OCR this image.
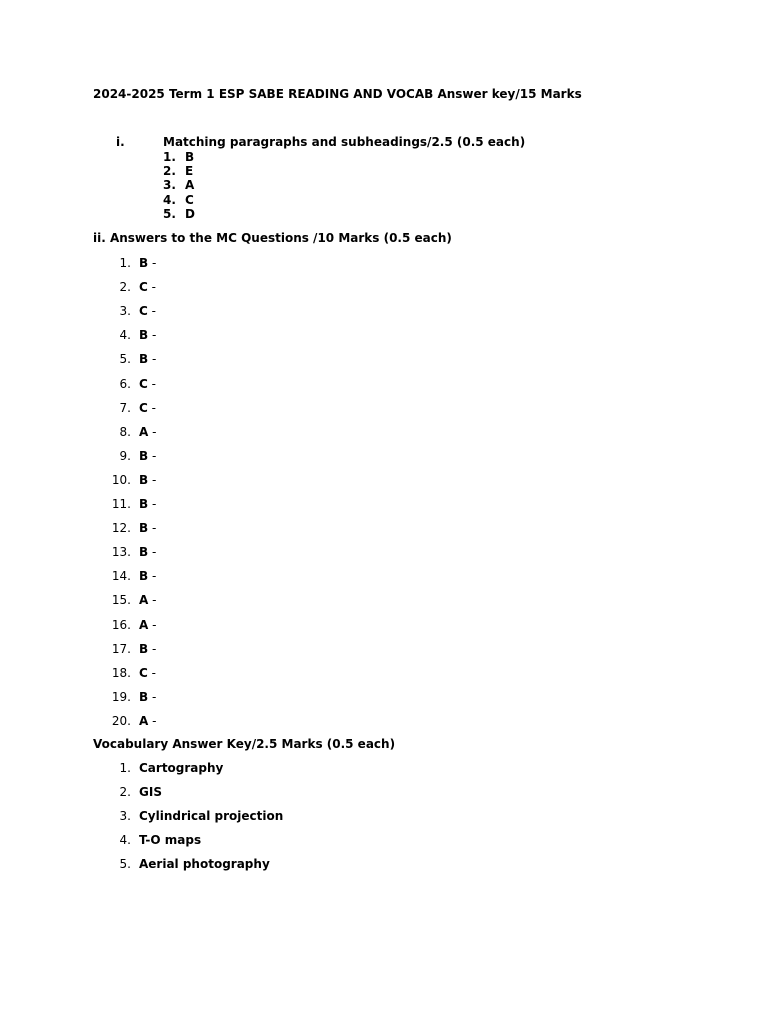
2024-2025 Term 1 ESP SABE READING AND VOCAB Answer key/15 Marks
i.	Matching paragraphs and subheadings/2.5 (0.5 each)
1. B
2. E
3. A
4. C
5. D
ii. Answers to the MC Questions /10 Marks (0.5 each)
1. B -
2. C -
3. C -
4. B -
5. B -
6. C -
7. C -
8. A -
9. B -
10. B -
11. B -
12. B -
13. B -
14. B -
15. A -
16. A -
17. B -
18. C -
19. B -
20. A -
Vocabulary Answer Key/2.5 Marks (0.5 each)
1. Cartography
2. GIS
3. Cylindrical projection
4. T-O maps
5. Aerial photography
